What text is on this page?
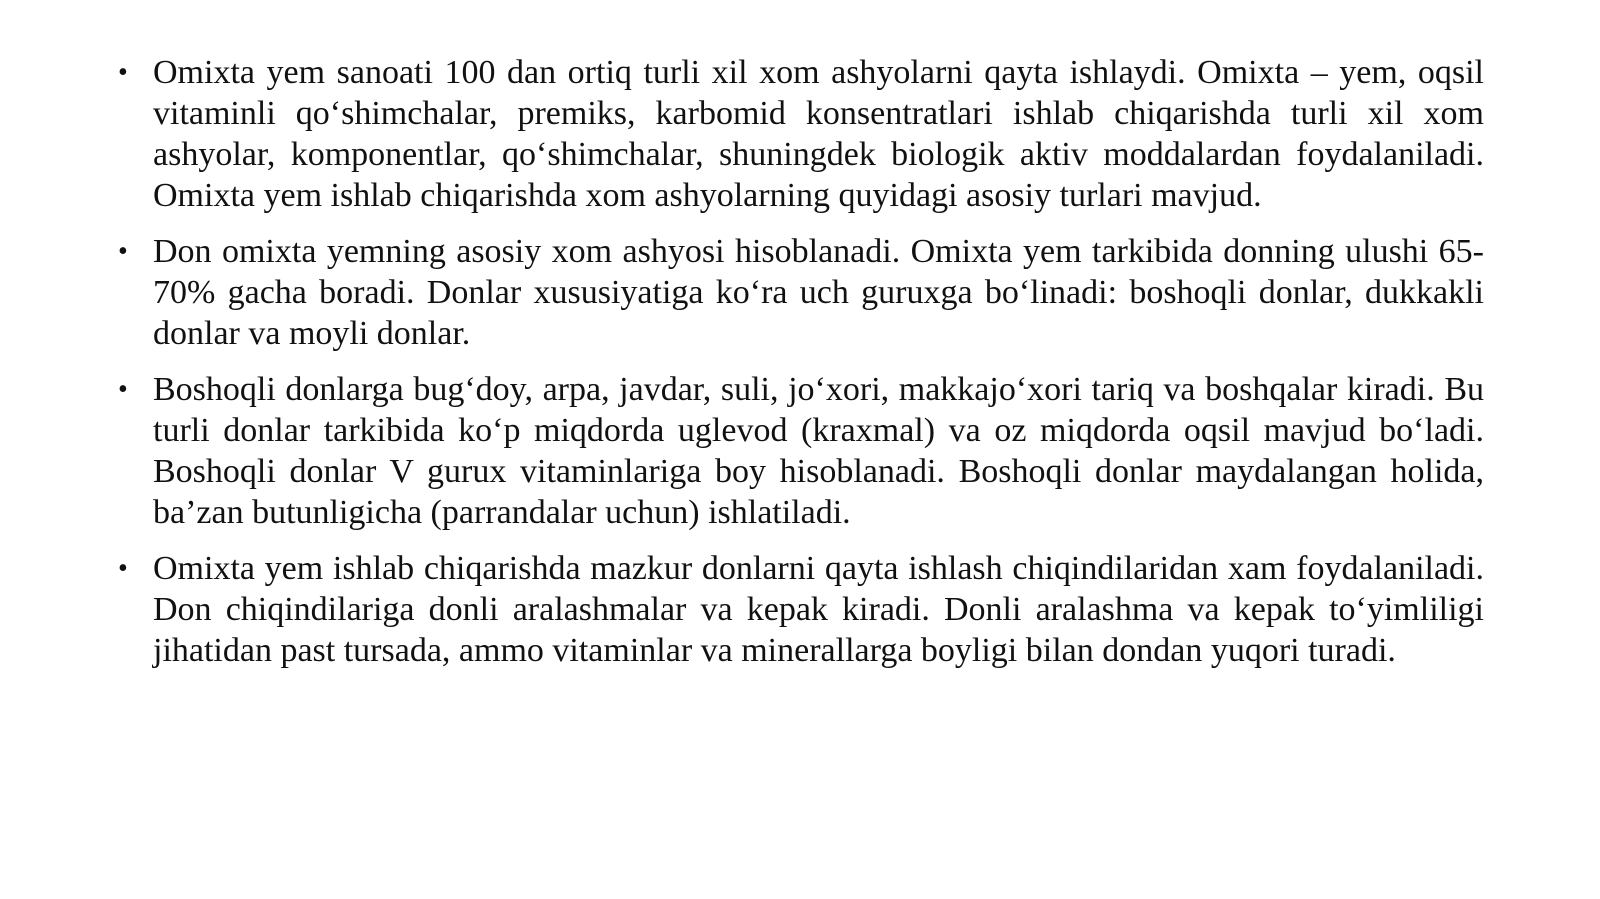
• Omixta yem sanoati 100 dan ortiq turli xil xom ashyolarni qayta ishlaydi. Omixta – yem, oqsil vitaminli qo‘shimchalar, premiks, karbomid konsentratlari ishlab chiqarishda turli xil xom ashyolar, komponentlar, qo‘shimchalar, shuningdek biologik aktiv moddalardan foydalaniladi. Omixta yem ishlab chiqarishda xom ashyolarning quyidagi asosiy turlari mavjud.
• Don omixta yemning asosiy xom ashyosi hisoblanadi. Omixta yem tarkibida donning ulushi 65-70% gacha boradi. Donlar xususiyatiga ko‘ra uch guruxga bo‘linadi: boshoqli donlar, dukkakli donlar va moyli donlar.
• Boshoqli donlarga bug‘doy, arpa, javdar, suli, jo‘xori, makkajo‘xori tariq va boshqalar kiradi. Bu turli donlar tarkibida ko‘p miqdorda uglevod (kraxmal) va oz miqdorda oqsil mavjud bo‘ladi. Boshoqli donlar V gurux vitaminlariga boy hisoblanadi. Boshoqli donlar maydalangan holida, ba’zan butunligicha (parrandalar uchun) ishlatiladi.
• Omixta yem ishlab chiqarishda mazkur donlarni qayta ishlash chiqindilaridan xam foydalaniladi. Don chiqindilariga donli aralashmalar va kepak kiradi. Donli aralashma va kepak to‘yimliligi jihatidan past tursada, ammo vitaminlar va minerallarga boyligi bilan dondan yuqori turadi.
